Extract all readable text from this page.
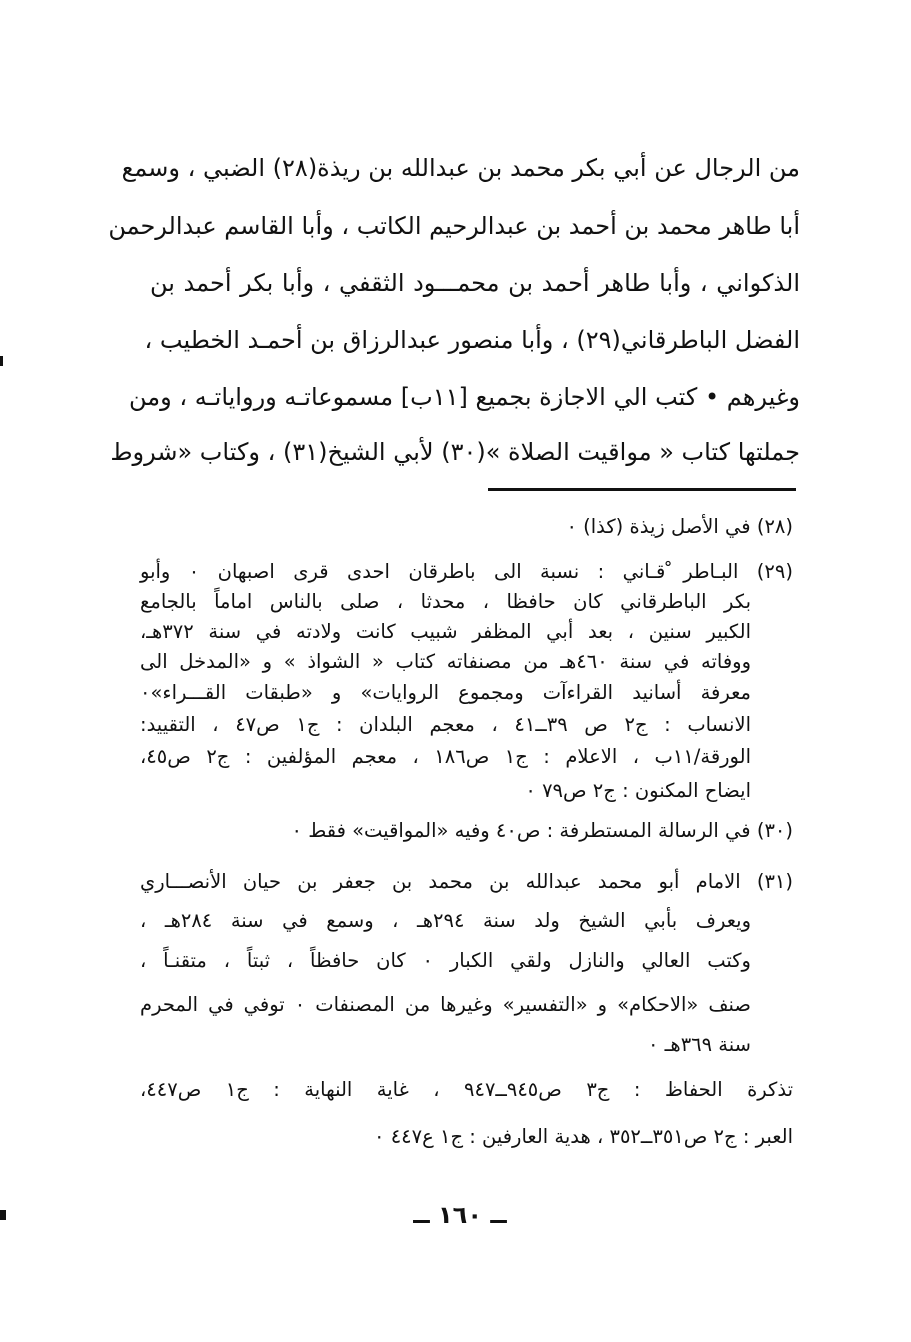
من الرجال عن أبي بكر محمد بن عبدالله بن ريذة(٢٨) الضبي ، وسمع
أبا طاهر محمد بن أحمد بن عبدالرحيم الكاتب ، وأبا القاسم عبدالرحمن
الذكواني ، وأبا طاهر أحمد بن محمـــود الثقفي ، وأبا بكر أحمد بن
الفضل الباطرقاني(٢٩) ، وأبا منصور عبدالرزاق بن أحمـد الخطيب ،
وغيرهم • كتب الي الاجازة بجميع [١١ب] مسموعاتـه ورواياتـه ، ومن
جملتها كتاب « مواقيت الصلاة »(٣٠) لأبي الشيخ(٣١) ، وكتاب «شروط
(٢٨) في الأصل زيذة (كذا) ٠
(٢٩) البـاطر ْقـاني : نسبة الى باطرقان احدى قرى اصبهان ٠ وأبو
بكر الباطرقاني كان حافظا ، محدثا ، صلى بالناس اماماً بالجامع
الكبير سنين ، بعد أبي المظفر شبيب كانت ولادته في سنة ٣٧٢هـ،
ووفاته في سنة ٤٦٠هـ من مصنفاته كتاب « الشواذ » و «المدخل الى
معرفة أسانيد القراءآت ومجموع الروايات» و «طبقات القـــراء»٠
الانساب : ج٢ ص ٣٩ــ٤١ ، معجم البلدان : ج١ ص٤٧ ، التقييد:
الورقة/١١ب ، الاعلام : ج١ ص١٨٦ ، معجم المؤلفين : ج٢ ص٤٥،
ايضاح المكنون : ج٢ ص٧٩ ٠
(٣٠) في الرسالة المستطرفة : ص٤٠ وفيه «المواقيت» فقط ٠
(٣١) الامام أبو محمد عبدالله بن محمد بن جعفر بن حيان الأنصـــاري
ويعرف بأبي الشيخ ولد سنة ٢٩٤هـ ، وسمع في سنة ٢٨٤هـ ،
وكتب العالي والنازل ولقي الكبار ٠ كان حافظاً ، ثبتاً ، متقنـاً ،
صنف «الاحكام» و «التفسير» وغيرها من المصنفات ٠ توفي في المحرم
سنة ٣٦٩هـ ٠
تذكرة الحفاظ : ج٣ ص٩٤٥ــ٩٤٧ ، غاية النهاية : ج١ ص٤٤٧،
العبر : ج٢ ص٣٥١ــ٣٥٢ ، هدية العارفين : ج١ ع٤٤٧ ٠
ــ ١٦٠ ــ
